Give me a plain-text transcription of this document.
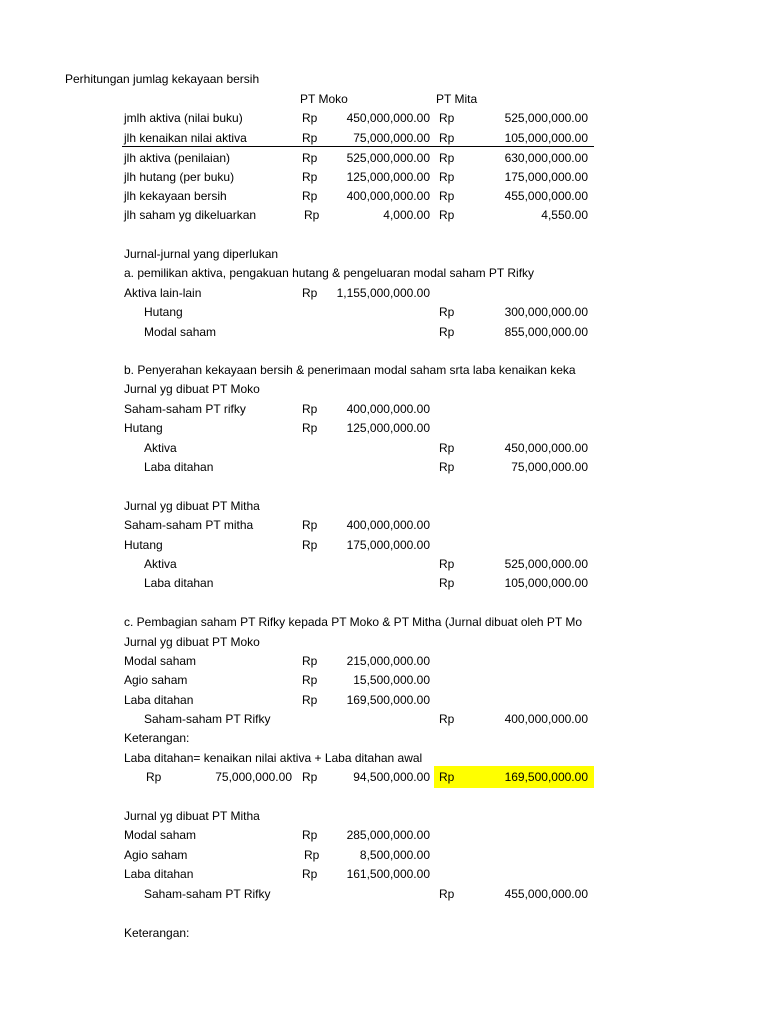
Perhitungan jumlag kekayaan bersih
PT Moko	PT Mita
jmlh aktiva (nilai buku)	Rp	450,000,000.00 Rp	525,000,000.00
jlh kenaikan nilai aktiva	Rp	75,000,000.00 Rp	105,000,000.00
jlh aktiva (penilaian)	Rp	525,000,000.00 Rp	630,000,000.00
jlh hutang (per buku)	Rp	125,000,000.00 Rp	175,000,000.00
jlh kekayaan bersih	Rp	400,000,000.00 Rp	455,000,000.00
jlh saham yg dikeluarkan	Rp	4,000.00 Rp	4,550.00
Jurnal-jurnal yang diperlukan
a. pemilikan aktiva, pengakuan hutang & pengeluaran modal saham PT Rifky
Aktiva lain-lain	Rp	1,155,000,000.00
Hutang	Rp	300,000,000.00
Modal saham	Rp	855,000,000.00
b. Penyerahan kekayaan bersih & penerimaan modal saham srta laba kenaikan keka
Jurnal yg dibuat PT Moko
Saham-saham PT rifky	Rp	400,000,000.00
Hutang	Rp	125,000,000.00
Aktiva	Rp	450,000,000.00
Laba ditahan	Rp	75,000,000.00
Jurnal yg dibuat PT Mitha
Saham-saham PT mitha	Rp	400,000,000.00
Hutang	Rp	175,000,000.00
Aktiva	Rp	525,000,000.00
Laba ditahan	Rp	105,000,000.00
c. Pembagian saham PT Rifky kepada PT Moko & PT Mitha (Jurnal dibuat oleh PT Mo
Jurnal yg dibuat PT Moko
Modal saham	Rp	215,000,000.00
Agio saham	Rp	15,500,000.00
Laba ditahan	Rp	169,500,000.00
Saham-saham PT Rifky	Rp	400,000,000.00
Keterangan:
Laba ditahan= kenaikan nilai aktiva + Laba ditahan awal
Rp	75,000,000.00 Rp	94,500,000.00 Rp	169,500,000.00
Jurnal yg dibuat PT Mitha
Modal saham	Rp	285,000,000.00
Agio saham	Rp	8,500,000.00
Laba ditahan	Rp	161,500,000.00
Saham-saham PT Rifky	Rp	455,000,000.00
Keterangan:
